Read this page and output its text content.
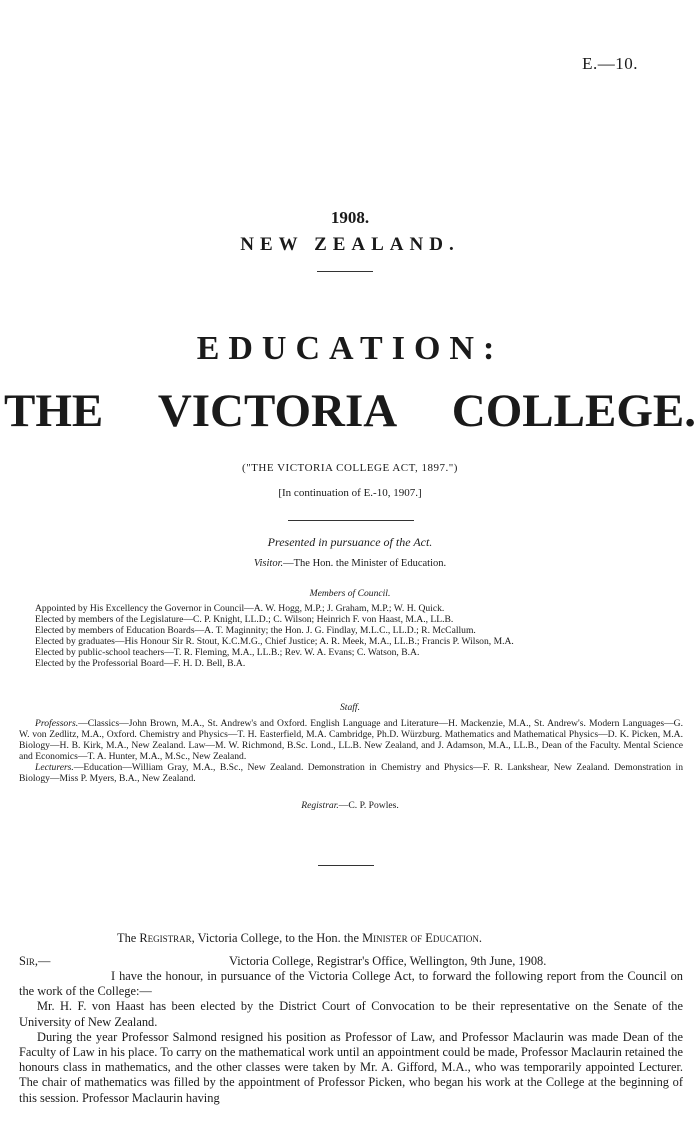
E.—10.
1908.
NEW ZEALAND.
EDUCATION:
THE VICTORIA COLLEGE.
("THE VICTORIA COLLEGE ACT, 1897.")
[In continuation of E.-10, 1907.]
Presented in pursuance of the Act.
Visitor.—The Hon. the Minister of Education.
Members of Council.

Appointed by His Excellency the Governor in Council—A. W. Hogg, M.P.; J. Graham, M.P.; W. H. Quick.

Elected by members of the Legislature—C. P. Knight, LL.D.; C. Wilson; Heinrich F. von Haast, M.A., LL.B.

Elected by members of Education Boards—A. T. Maginnity; the Hon. J. G. Findlay, M.L.C., LL.D.; R. McCallum.

Elected by graduates—His Honour Sir R. Stout, K.C.M.G., Chief Justice; A. R. Meek, M.A., LL.B.; Francis P. Wilson, M.A.

Elected by public-school teachers—T. R. Fleming, M.A., LL.B.; Rev. W. A. Evans; C. Watson, B.A.

Elected by the Professorial Board—F. H. D. Bell, B.A.

Staff.

Professors.—Classics—John Brown, M.A., St. Andrew's and Oxford. English Language and Literature—H. Mackenzie, M.A., St. Andrew's. Modern Languages—G. W. von Zedlitz, M.A., Oxford. Chemistry and Physics—T. H. Easterfield, M.A. Cambridge, Ph.D. Würzburg. Mathematics and Mathematical Physics—D. K. Picken, M.A. Biology—H. B. Kirk, M.A., New Zealand. Law—M. W. Richmond, B.Sc. Lond., LL.B. New Zealand, and J. Adamson, M.A., LL.B., Dean of the Faculty. Mental Science and Economics—T. A. Hunter, M.A., M.Sc., New Zealand.

Lecturers.—Education—William Gray, M.A., B.Sc., New Zealand. Demonstration in Chemistry and Physics—F. R. Lankshear, New Zealand. Demonstration in Biology—Miss P. Myers, B.A., New Zealand.

Registrar.—C. P. Powles.
The Registrar, Victoria College, to the Hon. the Minister of Education.
Sir,—	Victoria College, Registrar's Office, Wellington, 9th June, 1908.

I have the honour, in pursuance of the Victoria College Act, to forward the following report from the Council on the work of the College:—

Mr. H. F. von Haast has been elected by the District Court of Convocation to be their representative on the Senate of the University of New Zealand.

During the year Professor Salmond resigned his position as Professor of Law, and Professor Maclaurin was made Dean of the Faculty of Law in his place. To carry on the mathematical work until an appointment could be made, Professor Maclaurin retained the honours class in mathematics, and the other classes were taken by Mr. A. Gifford, M.A., who was temporarily appointed Lecturer. The chair of mathematics was filled by the appointment of Professor Picken, who began his work at the College at the beginning of this session. Professor Maclaurin having
